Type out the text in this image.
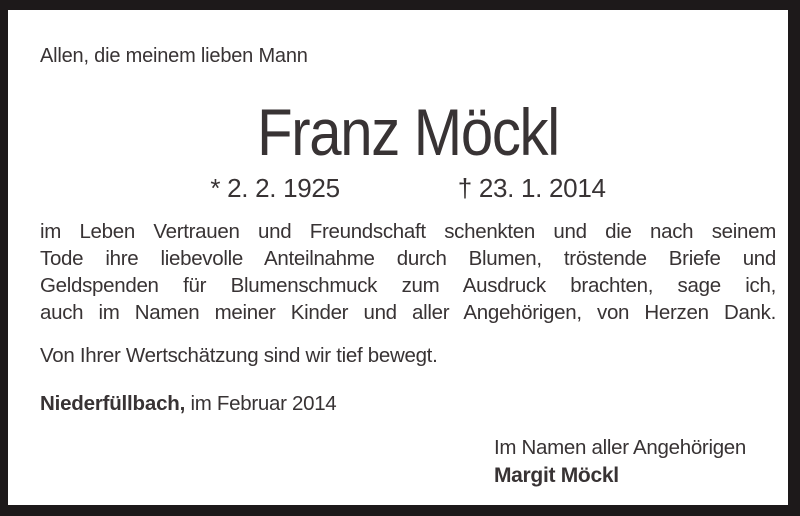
Allen, die meinem lieben Mann

Franz Möckl
* 2. 2. 1925	† 23. 1. 2014
im Leben Vertrauen und Freundschaft schenkten und die nach seinem
Tode ihre liebevolle Anteilnahme durch Blumen, tröstende Briefe und
Geldspenden für Blumenschmuck zum Ausdruck brachten, sage ich,
auch im Namen meiner Kinder und aller Angehörigen, von Herzen Dank.

Von Ihrer Wertschätzung sind wir tief bewegt.

Niederfüllbach, im Februar 2014

Im Namen aller Angehörigen
Margit Möckl
